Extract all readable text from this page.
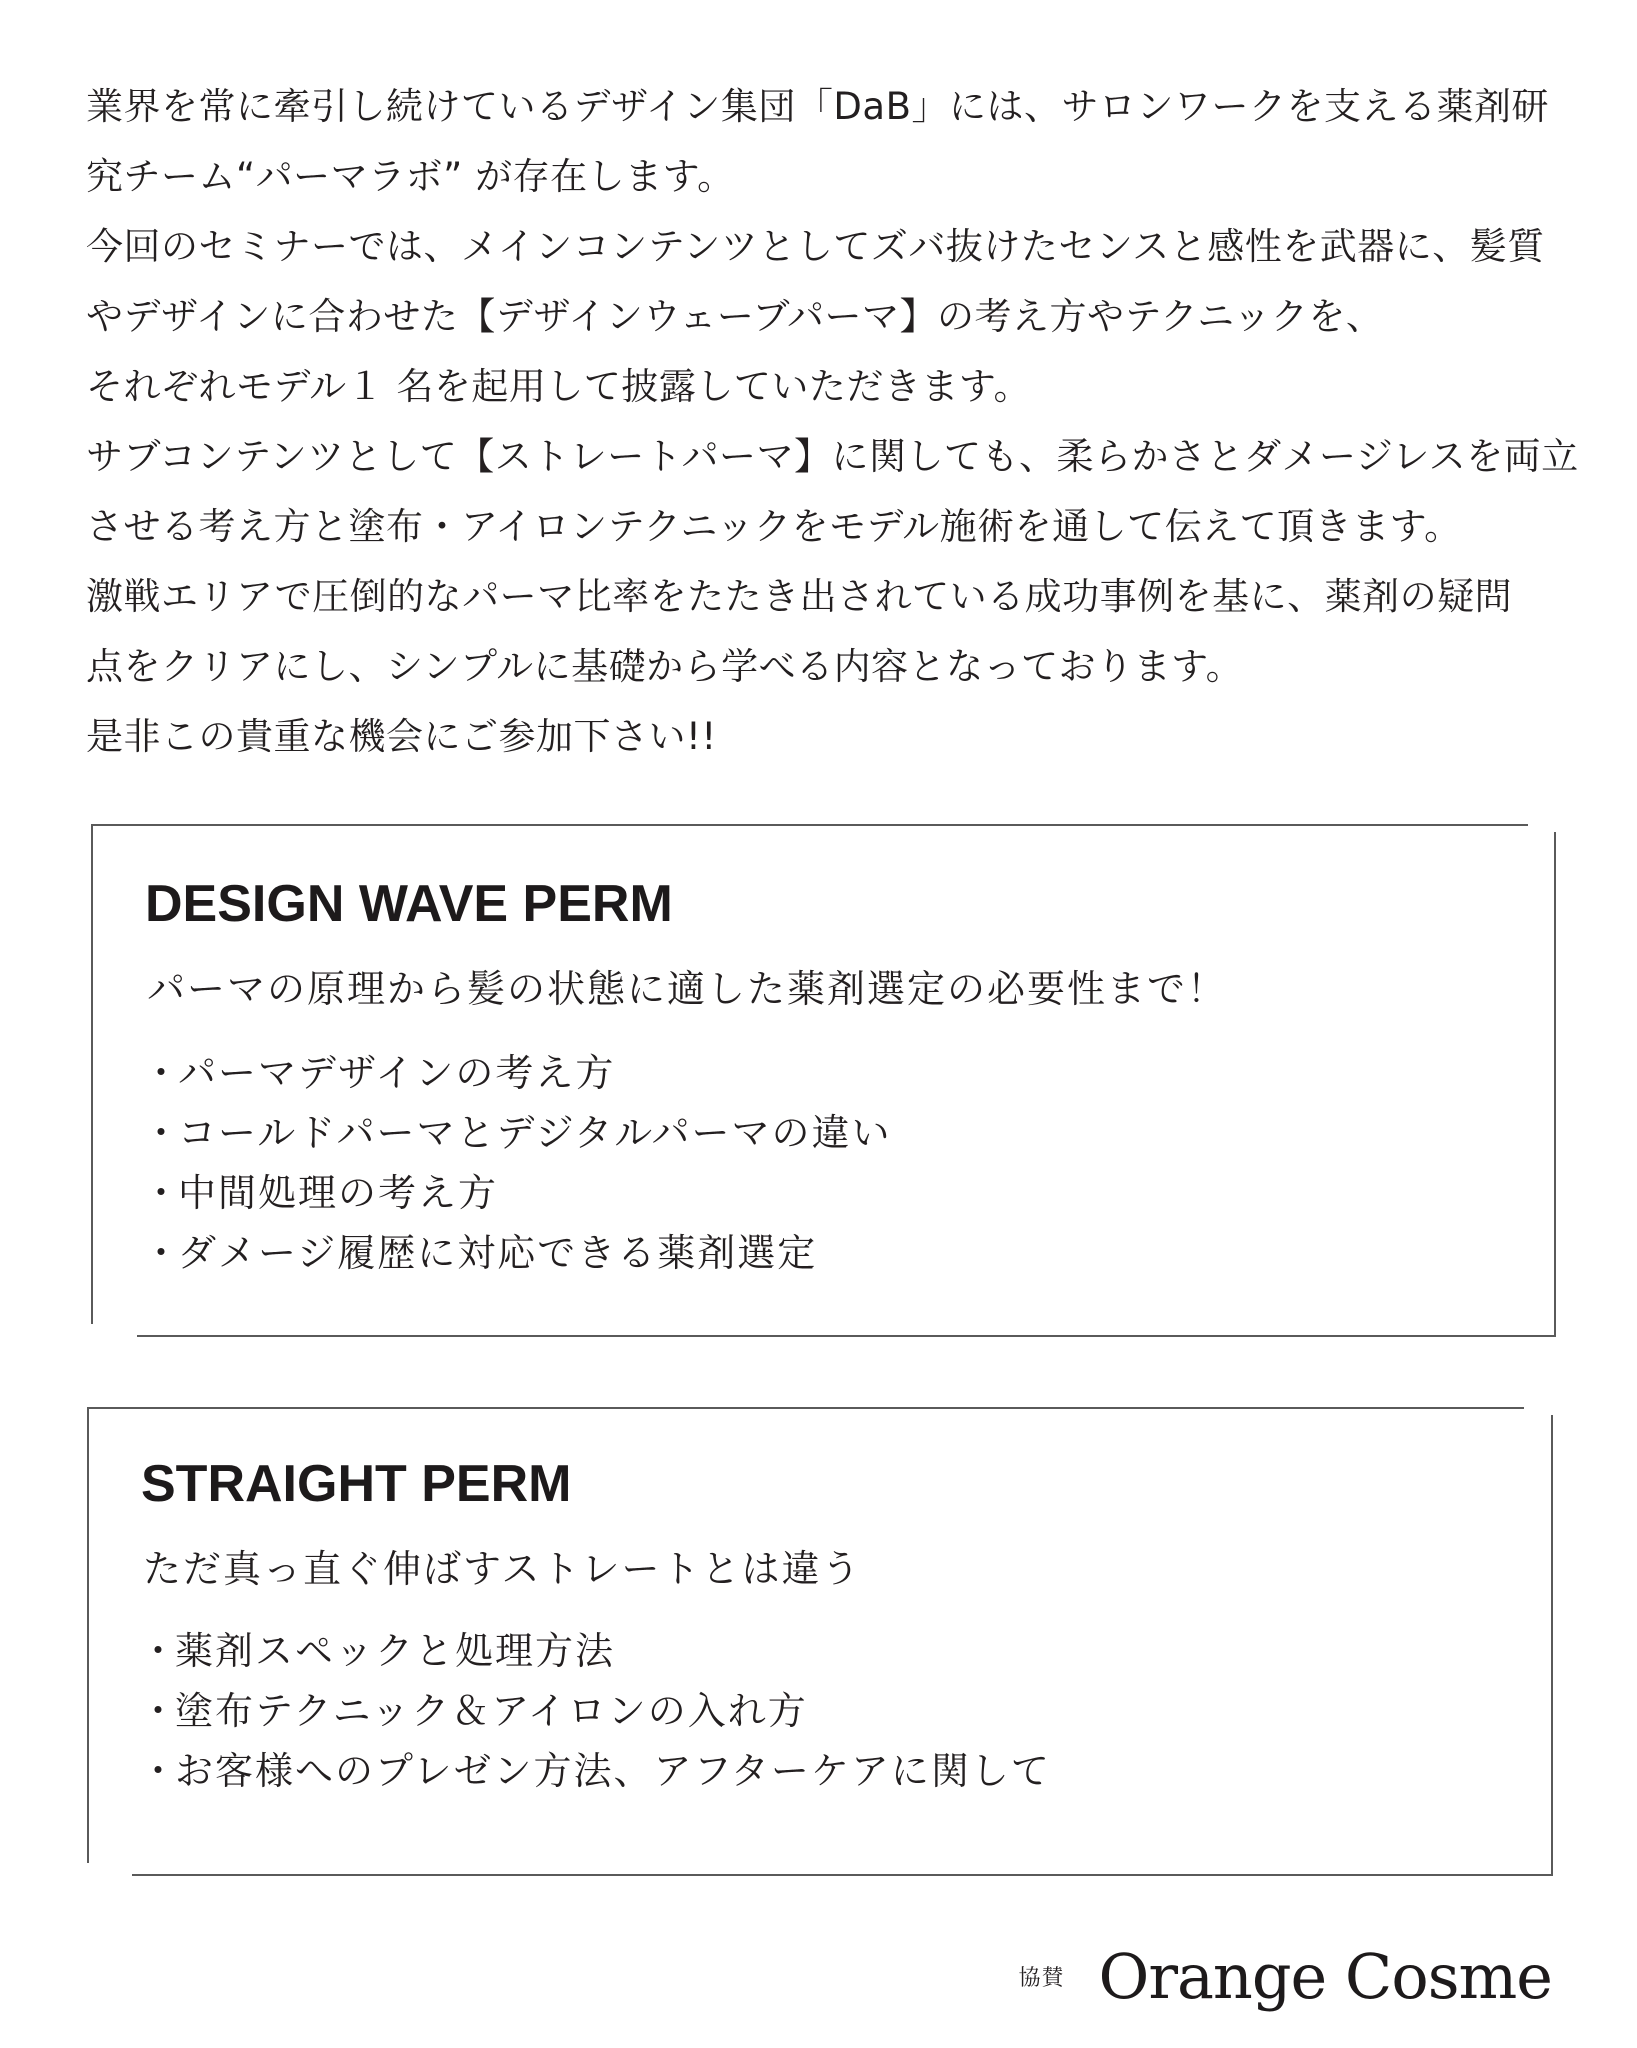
業界を常に牽引し続けているデザイン集団「DaB」には、サロンワークを支える薬剤研

究チーム“パーマラボ” が存在します。

今回のセミナーでは、メインコンテンツとしてズバ抜けたセンスと感性を武器に、髪質

やデザインに合わせた【デザインウェーブパーマ】の考え方やテクニックを、

それぞれモデル１ 名を起用して披露していただきます。

サブコンテンツとして【ストレートパーマ】に関しても、柔らかさとダメージレスを両立

させる考え方と塗布・アイロンテクニックをモデル施術を通して伝えて頂きます。

激戦エリアで圧倒的なパーマ比率をたたき出されている成功事例を基に、薬剤の疑問

点をクリアにし、シンプルに基礎から学べる内容となっております。

是非この貴重な機会にご参加下さい!!

DESIGN WAVE PERM

パーマの原理から髪の状態に適した薬剤選定の必要性まで！

・パーマデザインの考え方
・コールドパーマとデジタルパーマの違い
・中間処理の考え方
・ダメージ履歴に対応できる薬剤選定
STRAIGHT PERM

ただ真っ直ぐ伸ばすストレートとは違う

・薬剤スペックと処理方法
・塗布テクニック＆アイロンの入れ方
・お客様へのプレゼン方法、アフターケアに関して
協賛 Orange Cosme
